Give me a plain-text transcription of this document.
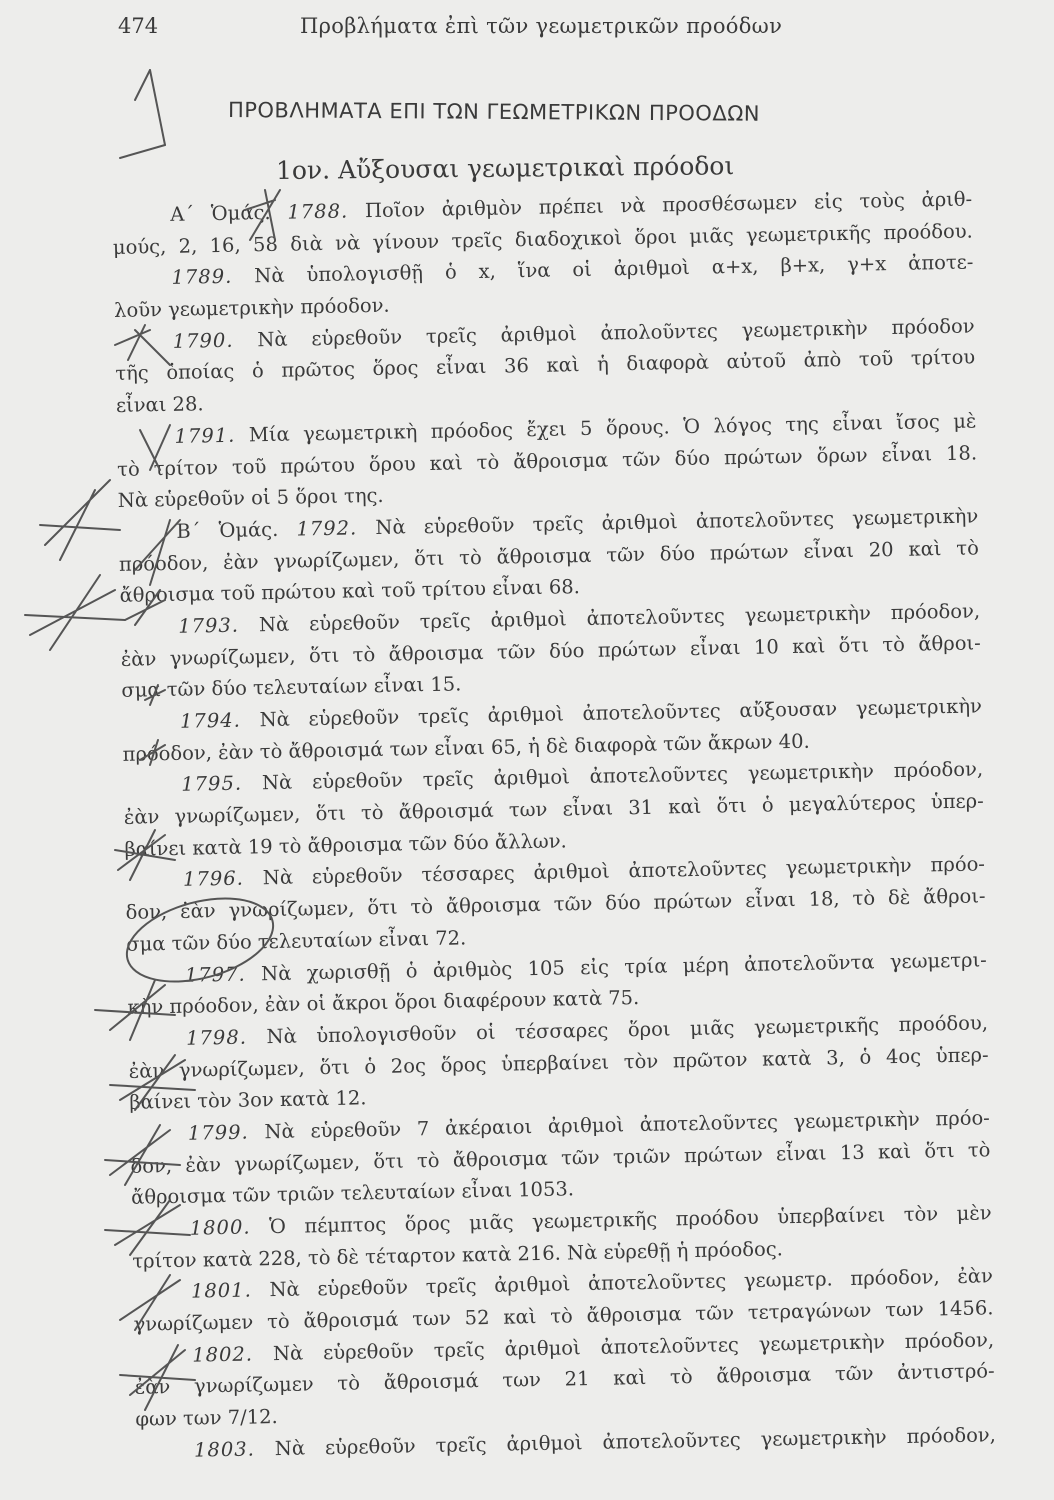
474	Προβλήματα ἐπὶ τῶν γεωμετρικῶν προόδων
ΠΡΟΒΛΗΜΑΤΑ ΕΠΙ ΤΩΝ ΓΕΩΜΕΤΡΙΚΩΝ ΠΡΟΟΔΩΝ
1ον. Αὔξουσαι γεωμετρικαὶ πρόοδοι
Α΄ Ὁμάς. 1788. Ποῖον ἀριθμὸν πρέπει νὰ προσθέσωμεν εἰς τοὺς ἀριθ-
μούς, 2, 16, 58 διὰ νὰ γίνουν τρεῖς διαδοχικοὶ ὅροι μιᾶς γεωμετρικῆς προόδου.
1789. Νὰ ὑπολογισθῇ ὁ x, ἵνα οἱ ἀριθμοὶ α+x, β+x, γ+x ἀποτε-
λοῦν γεωμετρικὴν πρόοδον.
1790. Νὰ εὑρεθοῦν τρεῖς ἀριθμοὶ ἀπολοῦντες γεωμετρικὴν πρόοδον
τῆς ὁποίας ὁ πρῶτος ὅρος εἶναι 36 καὶ ἡ διαφορὰ αὐτοῦ ἀπὸ τοῦ τρίτου
εἶναι 28.
1791. Μία γεωμετρικὴ πρόοδος ἔχει 5 ὅρους. Ὁ λόγος της εἶναι ἴσος μὲ
τὸ τρίτον τοῦ πρώτου ὅρου καὶ τὸ ἄθροισμα τῶν δύο πρώτων ὅρων εἶναι 18.
Νὰ εὑρεθοῦν οἱ 5 ὅροι της.
Β΄ Ὁμάς. 1792. Νὰ εὑρεθοῦν τρεῖς ἀριθμοὶ ἀποτελοῦντες γεωμετρικὴν
πρόοδον, ἐὰν γνωρίζωμεν, ὅτι τὸ ἄθροισμα τῶν δύο πρώτων εἶναι 20 καὶ τὸ
ἄθροισμα τοῦ πρώτου καὶ τοῦ τρίτου εἶναι 68.
1793. Νὰ εὑρεθοῦν τρεῖς ἀριθμοὶ ἀποτελοῦντες γεωμετρικὴν πρόοδον,
ἐὰν γνωρίζωμεν, ὅτι τὸ ἄθροισμα τῶν δύο πρώτων εἶναι 10 καὶ ὅτι τὸ ἄθροι-
σμα τῶν δύο τελευταίων εἶναι 15.
1794. Νὰ εὑρεθοῦν τρεῖς ἀριθμοὶ ἀποτελοῦντες αὔξουσαν γεωμετρικὴν
πρόοδον, ἐὰν τὸ ἄθροισμά των εἶναι 65, ἡ δὲ διαφορὰ τῶν ἄκρων 40.
1795. Νὰ εὑρεθοῦν τρεῖς ἀριθμοὶ ἀποτελοῦντες γεωμετρικὴν πρόοδον,
ἐὰν γνωρίζωμεν, ὅτι τὸ ἄθροισμά των εἶναι 31 καὶ ὅτι ὁ μεγαλύτερος ὑπερ-
βαίνει κατὰ 19 τὸ ἄθροισμα τῶν δύο ἄλλων.
1796. Νὰ εὑρεθοῦν τέσσαρες ἀριθμοὶ ἀποτελοῦντες γεωμετρικὴν πρόο-
δον, ἐὰν γνωρίζωμεν, ὅτι τὸ ἄθροισμα τῶν δύο πρώτων εἶναι 18, τὸ δὲ ἄθροι-
σμα τῶν δύο τελευταίων εἶναι 72.
1797. Νὰ χωρισθῇ ὁ ἀριθμὸς 105 εἰς τρία μέρη ἀποτελοῦντα γεωμετρι-
κὴν πρόοδον, ἐὰν οἱ ἄκροι ὅροι διαφέρουν κατὰ 75.
1798. Νὰ ὑπολογισθοῦν οἱ τέσσαρες ὅροι μιᾶς γεωμετρικῆς προόδου,
ἐὰν γνωρίζωμεν, ὅτι ὁ 2ος ὅρος ὑπερβαίνει τὸν πρῶτον κατὰ 3, ὁ 4ος ὑπερ-
βαίνει τὸν 3ον κατὰ 12.
1799. Νὰ εὑρεθοῦν 7 ἀκέραιοι ἀριθμοὶ ἀποτελοῦντες γεωμετρικὴν πρόο-
δον, ἐὰν γνωρίζωμεν, ὅτι τὸ ἄθροισμα τῶν τριῶν πρώτων εἶναι 13 καὶ ὅτι τὸ
ἄθροισμα τῶν τριῶν τελευταίων εἶναι 1053.
1800. Ὁ πέμπτος ὅρος μιᾶς γεωμετρικῆς προόδου ὑπερβαίνει τὸν μὲν
τρίτον κατὰ 228, τὸ δὲ τέταρτον κατὰ 216. Νὰ εὑρεθῇ ἡ πρόοδος.
1801. Νὰ εὑρεθοῦν τρεῖς ἀριθμοὶ ἀποτελοῦντες γεωμετρ. πρόοδον, ἐὰν
γνωρίζωμεν τὸ ἄθροισμά των 52 καὶ τὸ ἄθροισμα τῶν τετραγώνων των 1456.
1802. Νὰ εὑρεθοῦν τρεῖς ἀριθμοὶ ἀποτελοῦντες γεωμετρικὴν πρόοδον,
ἐὰν γνωρίζωμεν τὸ ἄθροισμά των 21 καὶ τὸ ἄθροισμα τῶν ἀντιστρό-
φων των 7/12.
1803. Νὰ εὑρεθοῦν τρεῖς ἀριθμοὶ ἀποτελοῦντες γεωμετρικὴν πρόοδον,
